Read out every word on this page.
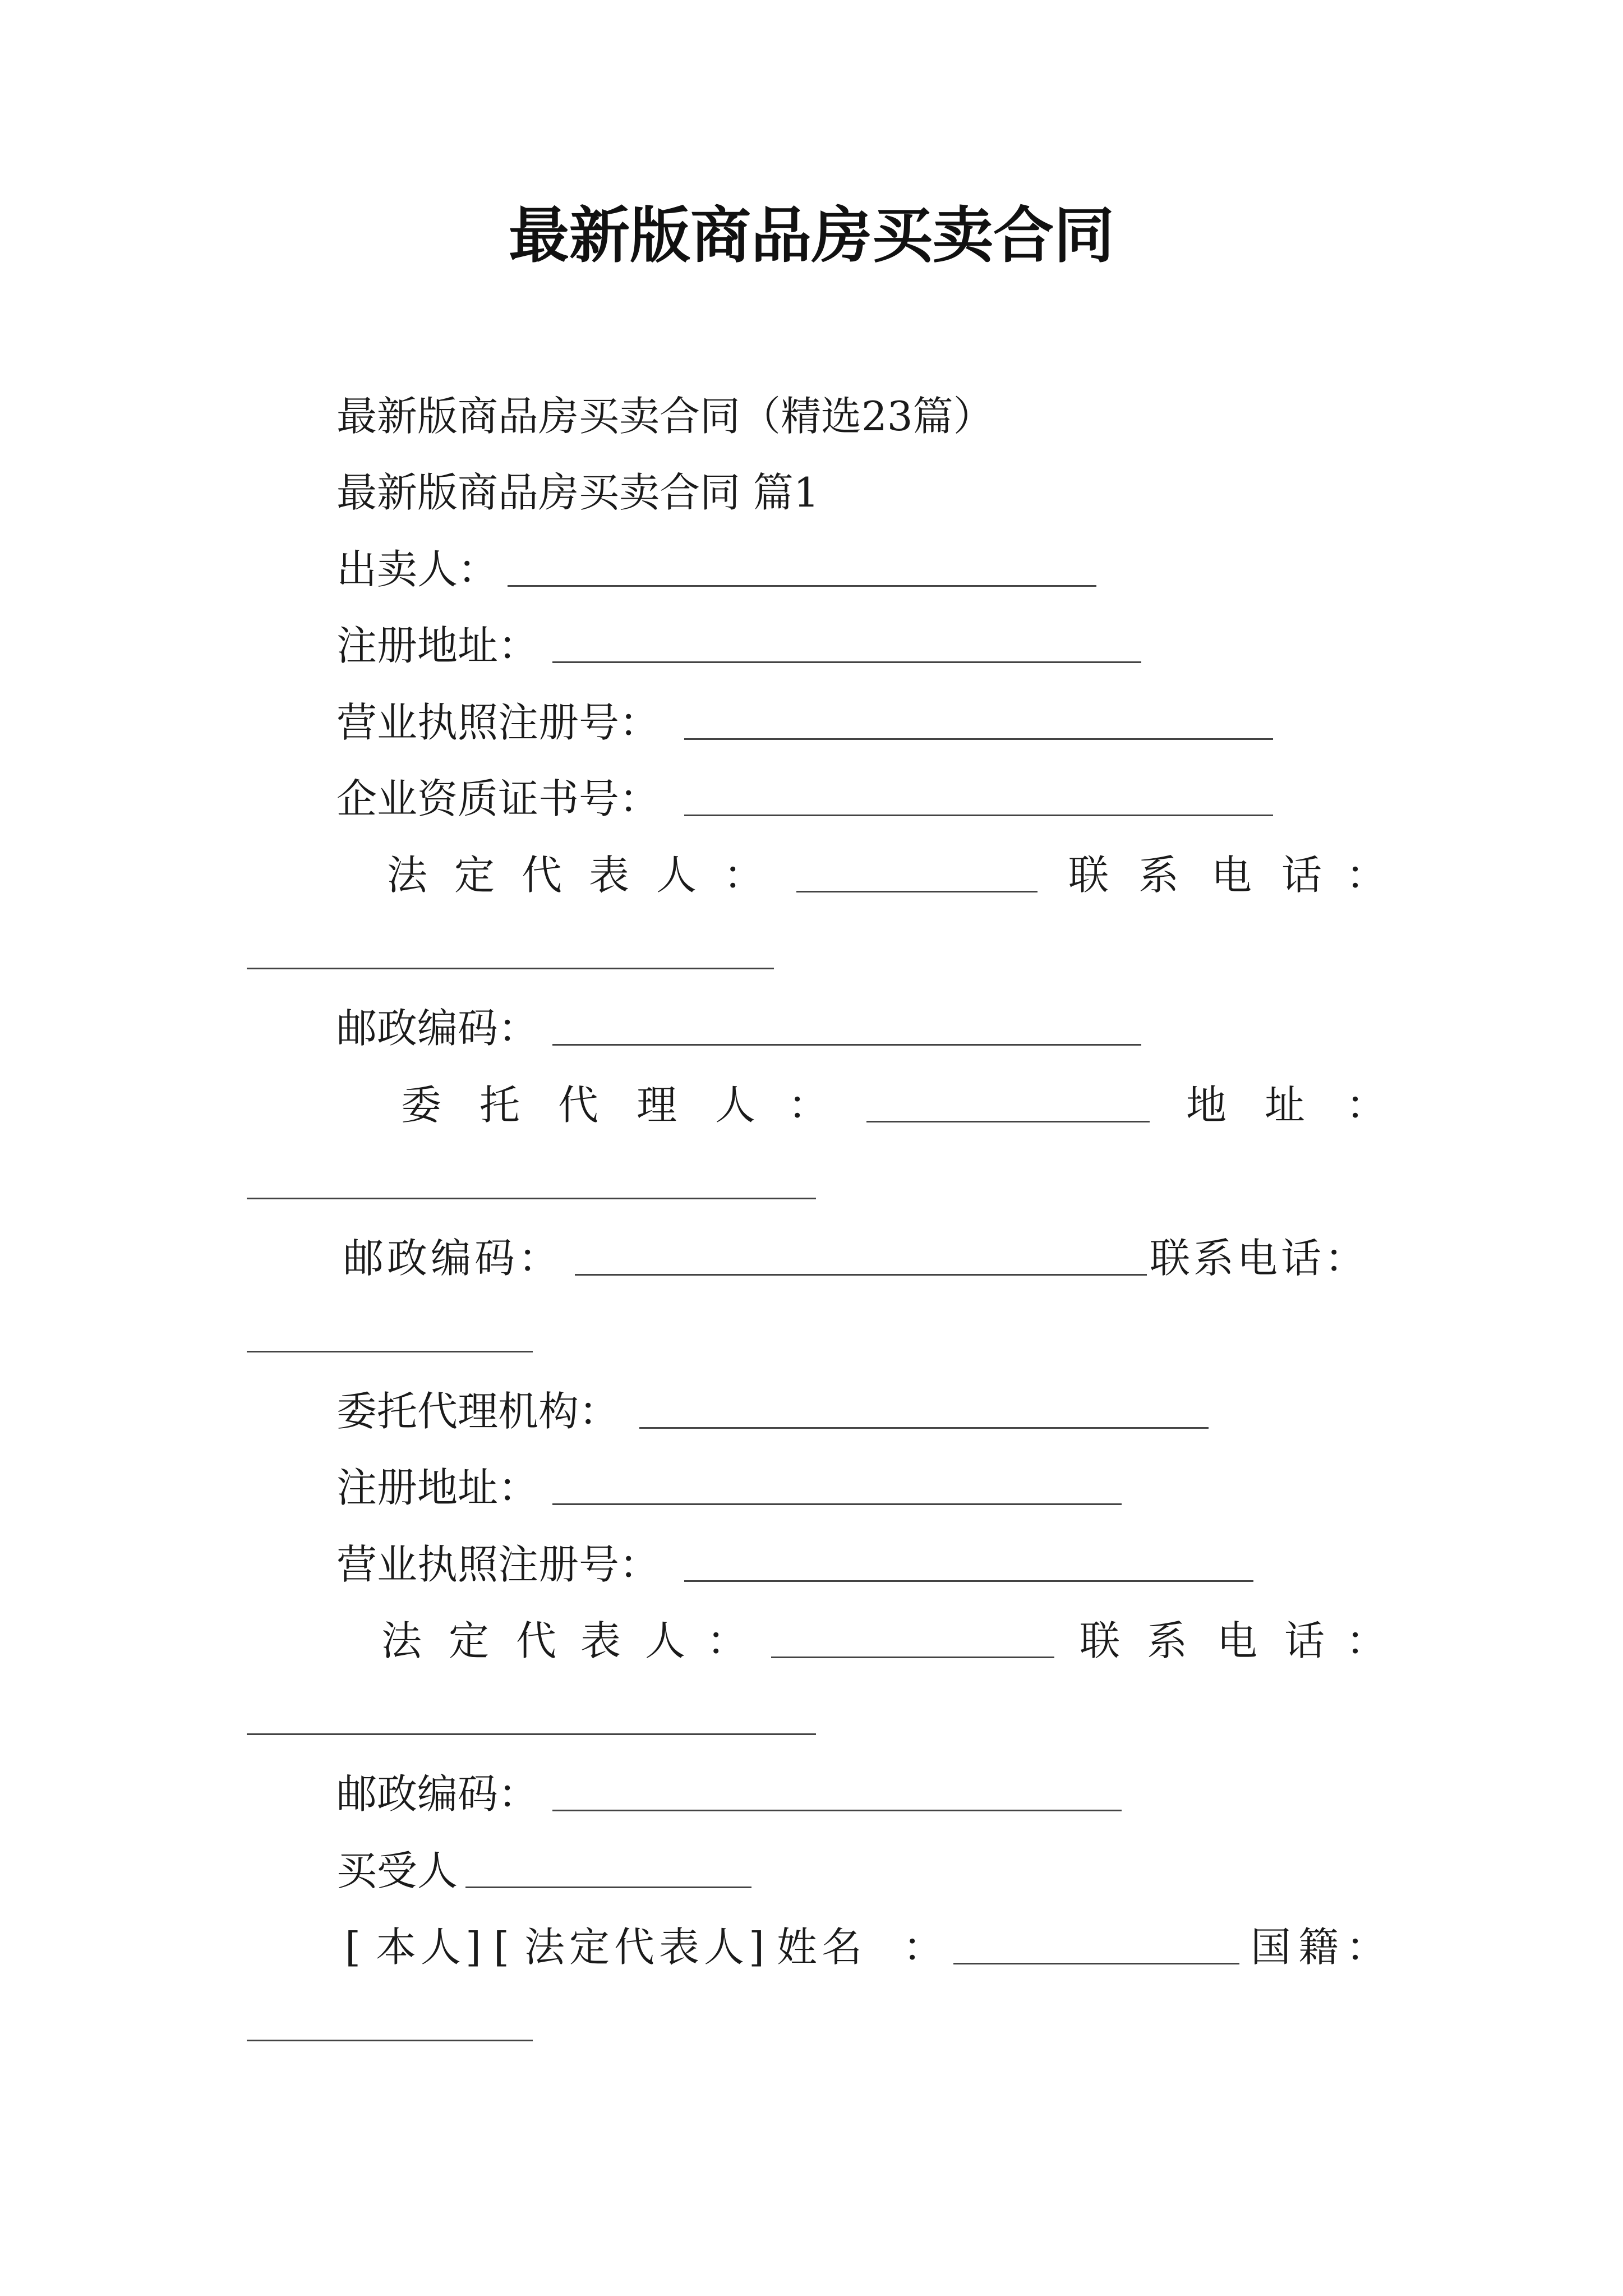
最新版商品房买卖合同
最新版商品房买卖合同（精选23篇）
最新版商品房买卖合同 篇1
出卖人：
注册地址：
营业执照注册号：
企业资质证书号：
法 定 代 表 人 ：	联 系 电 话 ：
邮政编码：
委 托 代 理 人 ：	地 址 ：
邮政编码：	联系电话：
委托代理机构：
注册地址：
营业执照注册号：
法 定 代 表 人 ：	联 系 电 话 ：
邮政编码：
买受人
[ 本 人 ] [ 法 定 代 表 人 ] 姓 名 ：	国 籍 ：
